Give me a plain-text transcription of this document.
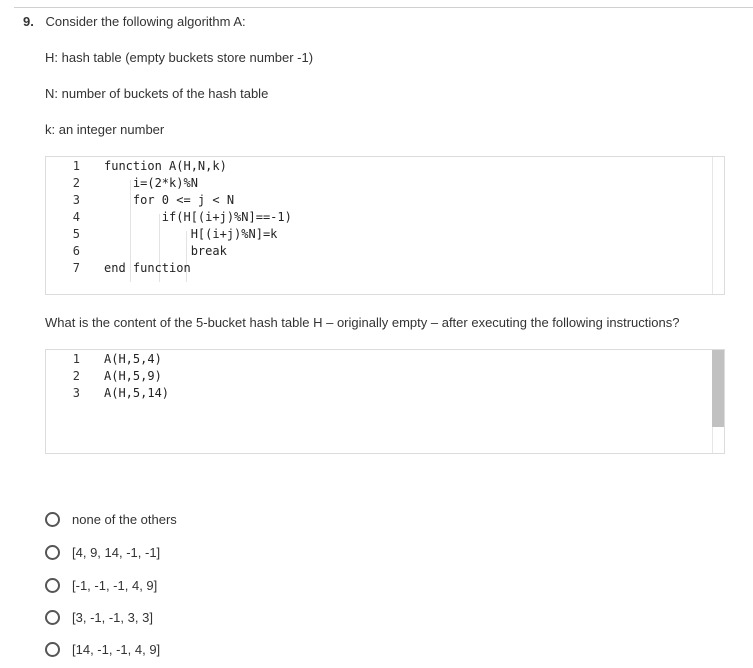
9. Consider the following algorithm A:
H: hash table (empty buckets store number -1)
N: number of buckets of the hash table
k: an integer number
1 function A(H,N,k)
2    i=(2*k)%N
3    for 0 <= j < N
4        if(H[(i+j)%N]==-1)
5            H[(i+j)%N]=k
6            break
7 end function
What is the content of the 5-bucket hash table H – originally empty – after executing the following instructions?
1 A(H,5,4)
2 A(H,5,9)
3 A(H,5,14)
none of the others
[4, 9, 14, -1, -1]
[-1, -1, -1, 4, 9]
[3, -1, -1, 3, 3]
[14, -1, -1, 4, 9]
